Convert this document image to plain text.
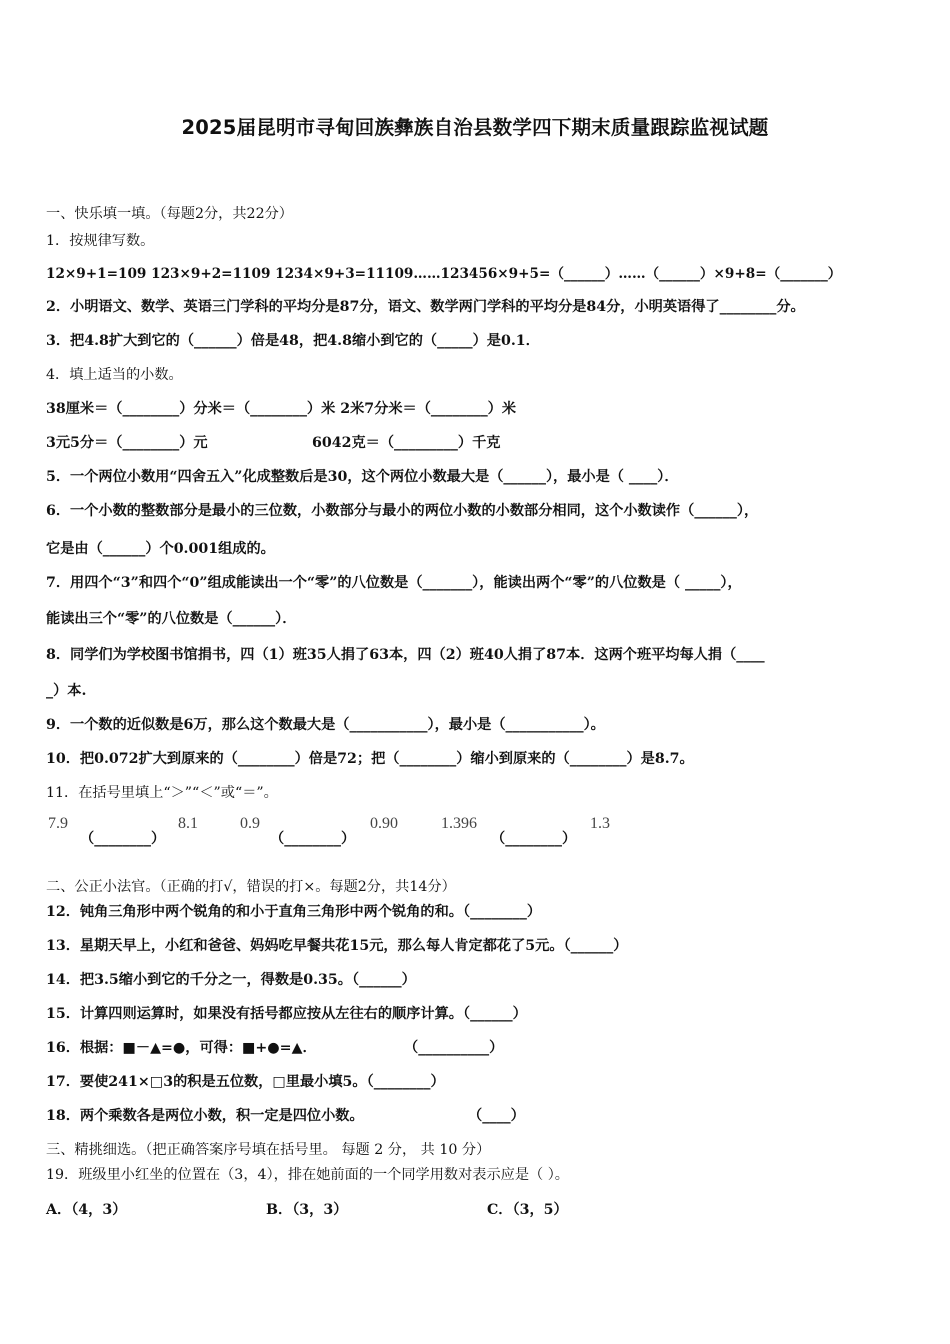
2025届昆明市寻甸回族彝族自治县数学四下期末质量跟踪监视试题
一、快乐填一填。（每题2分，共22分）
1．按规律写数。
12×9+1=109 123×9+2=1109 1234×9+3=11109……123456×9+5=（______）……（______）×9+8=（_______）
2．小明语文、数学、英语三门学科的平均分是87分，语文、数学两门学科的平均分是84分，小明英语得了________分。
3．把4.8扩大到它的（______）倍是48，把4.8缩小到它的（_____）是0.1．
4．填上适当的小数。
38厘米＝（________）分米＝（________）米 2米7分米＝（________）米
3元5分＝（________）元	6042克＝（_________）千克
5．一个两位小数用“四舍五入”化成整数后是30，这个两位小数最大是（______），最小是（ ____）．
6．一个小数的整数部分是最小的三位数，小数部分与最小的两位小数的小数部分相同，这个小数读作（______），
它是由（______）个0.001组成的。
7．用四个“3”和四个“0”组成能读出一个“零”的八位数是（_______），能读出两个“零”的八位数是（ _____），
能读出三个“零”的八位数是（______）．
8．同学们为学校图书馆捐书，四（1）班35人捐了63本，四（2）班40人捐了87本．这两个班平均每人捐（____
_）本.
9．一个数的近似数是6万，那么这个数最大是（___________），最小是（___________）。
10．把0.072扩大到原来的（________）倍是72；把（________）缩小到原来的（________）是8.7。
11．在括号里填上“＞”“＜”或“＝”。
7.9
（________）
8.1	0.9
（________）
0.90	1.396
（________）
1.3
二、公正小法官。（正确的打√，错误的打×。每题2分，共14分）
12．钝角三角形中两个锐角的和小于直角三角形中两个锐角的和。（________）
13．星期天早上，小红和爸爸、妈妈吃早餐共花15元，那么每人肯定都花了5元。（______）
14．把3.5缩小到它的千分之一，得数是0.35。（______）
15．计算四则运算时，如果没有括号都应按从左往右的顺序计算。（______）
16．根据：■－▲=●，可得：■+●=▲．	（__________）
17．要使241×□3的积是五位数，□里最小填5。（________）
18．两个乘数各是两位小数，积一定是四位小数。	（____）
三、精挑细选。（把正确答案序号填在括号里。 每题 2 分， 共 10 分）
19．班级里小红坐的位置在（3，4），排在她前面的一个同学用数对表示应是（ ）。
A．（4，3）	B．（3，3）	C．（3，5）
